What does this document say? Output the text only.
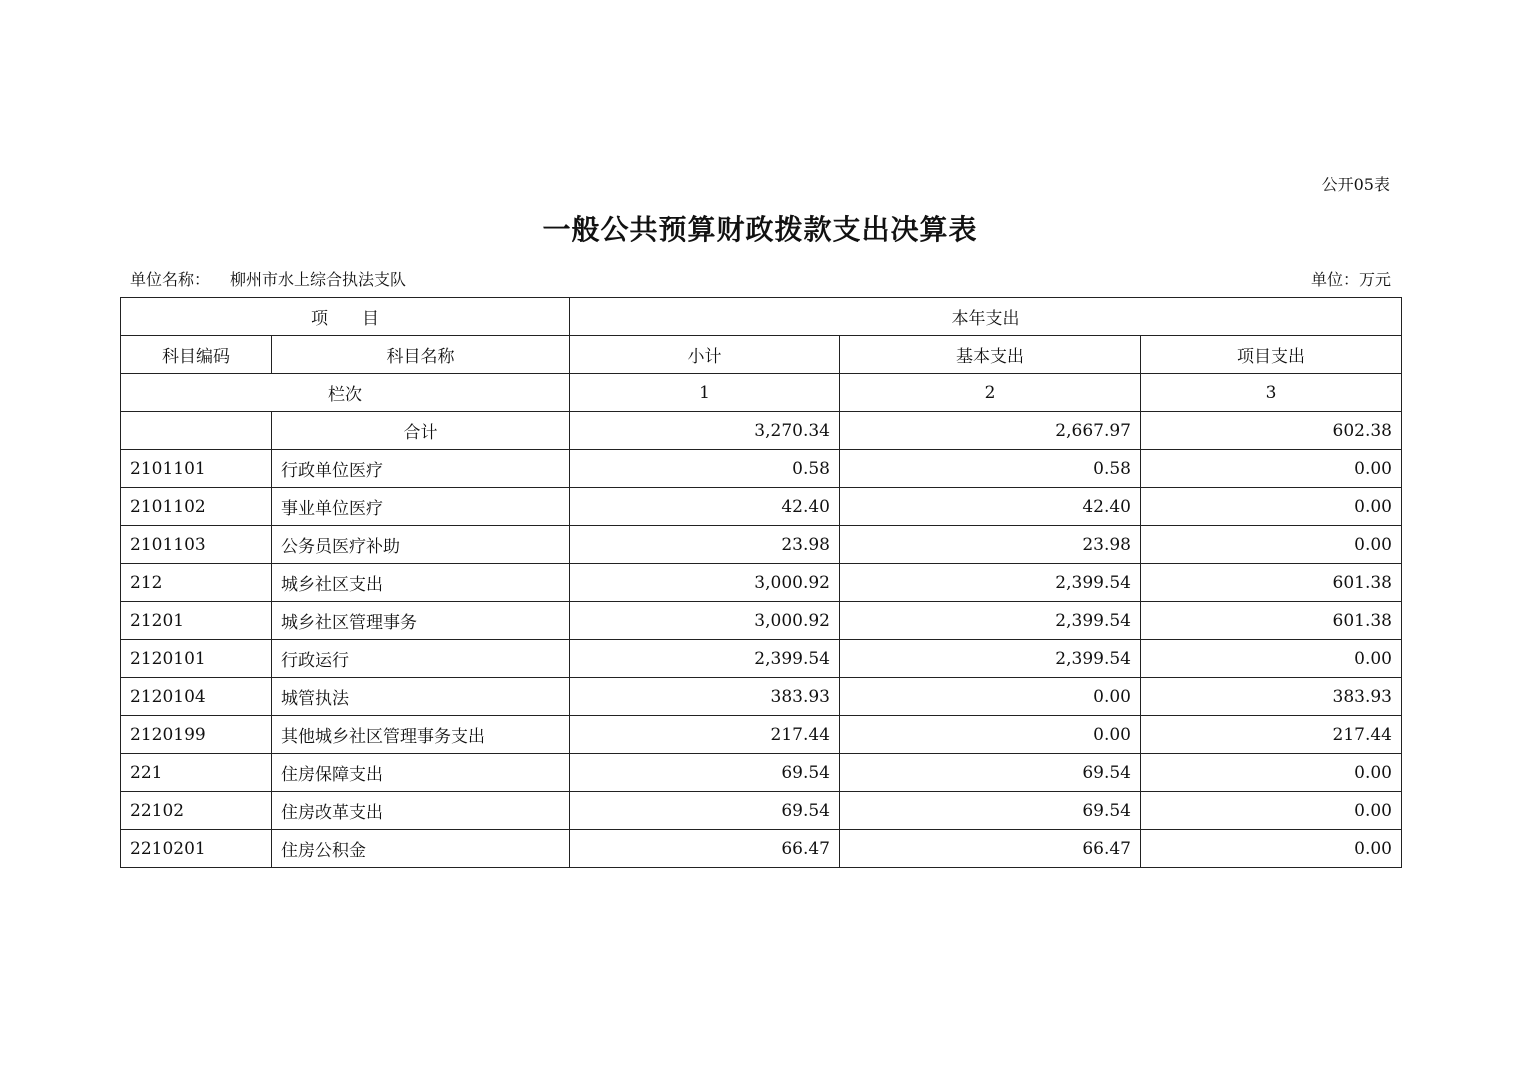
公开05表
一般公共预算财政拨款支出决算表
单位名称： 柳州市水上综合执法支队	单位：万元
项　　目		本年支出		
科目编码	科目名称	小计	基本支出	项目支出
栏次		1	2	3
	合计	3,270.34	2,667.97	602.38
2101101	行政单位医疗	0.58	0.58	0.00
2101102	事业单位医疗	42.40	42.40	0.00
2101103	公务员医疗补助	23.98	23.98	0.00
212	城乡社区支出	3,000.92	2,399.54	601.38
21201	城乡社区管理事务	3,000.92	2,399.54	601.38
2120101	行政运行	2,399.54	2,399.54	0.00
2120104	城管执法	383.93	0.00	383.93
2120199	其他城乡社区管理事务支出	217.44	0.00	217.44
221	住房保障支出	69.54	69.54	0.00
22102	住房改革支出	69.54	69.54	0.00
2210201	住房公积金	66.47	66.47	0.00
